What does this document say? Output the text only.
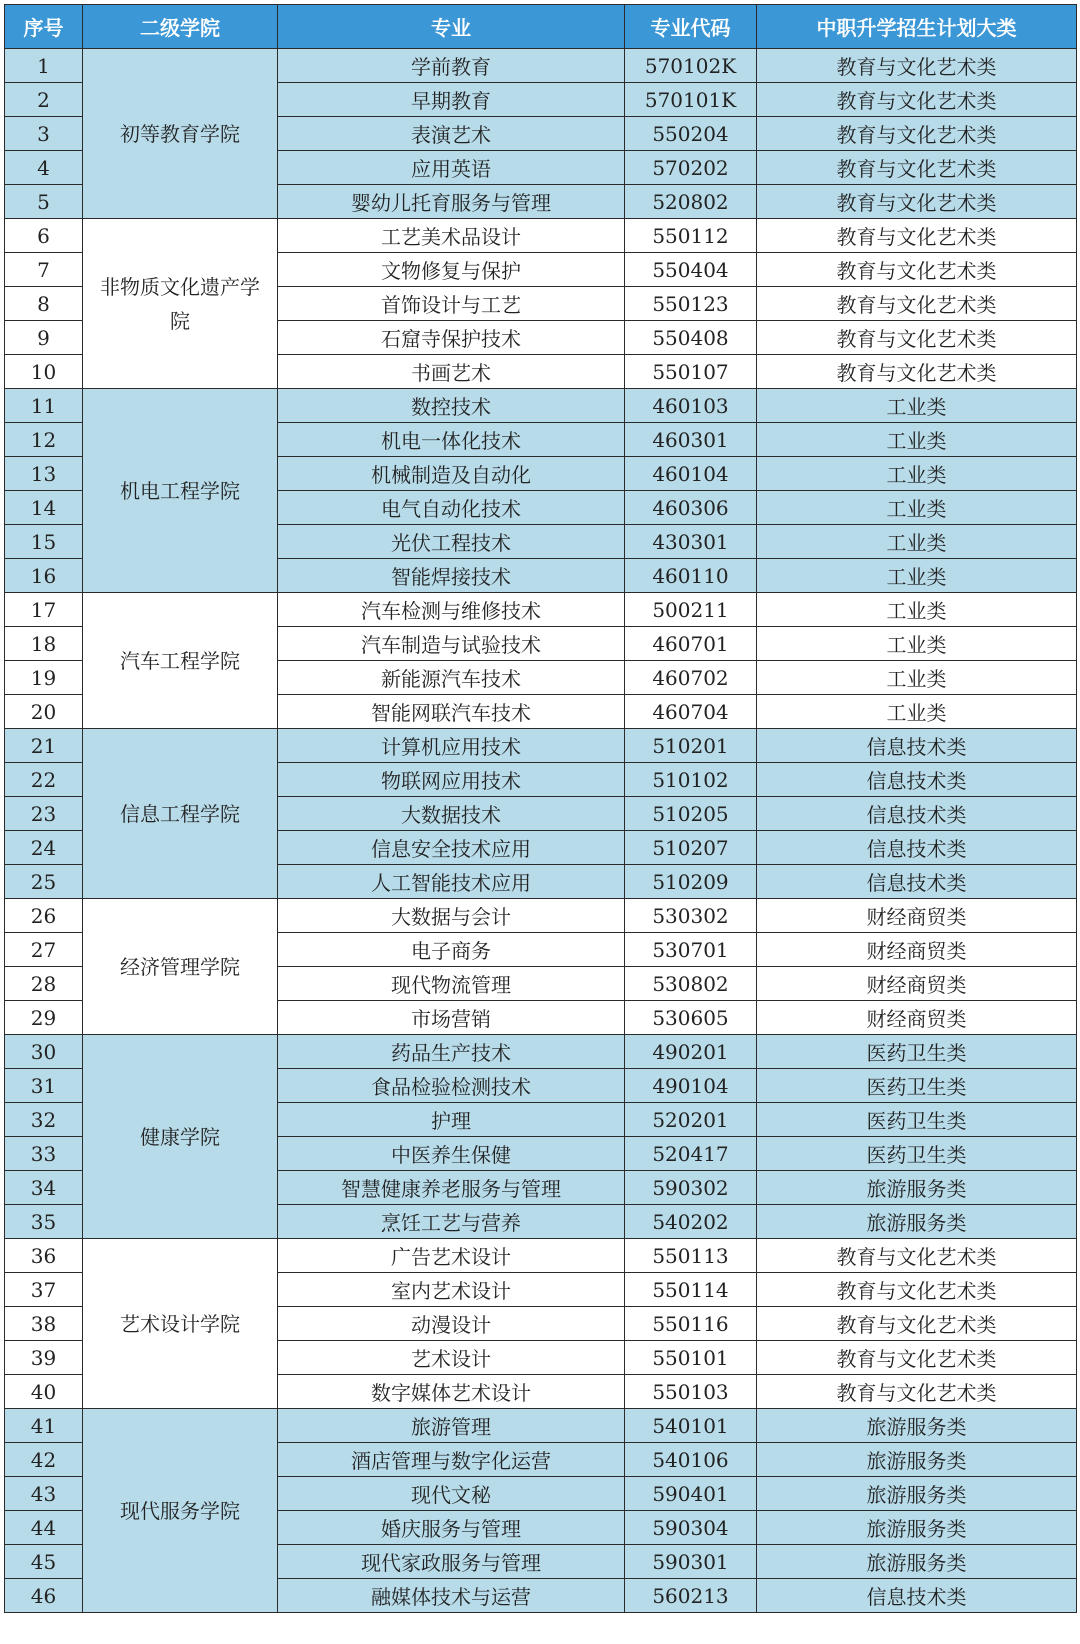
序号	二级学院	专业	专业代码	中职升学招生计划大类
1	初等教育学院	学前教育	570102K	教育与文化艺术类
2		早期教育	570101K	教育与文化艺术类
3		表演艺术	550204	教育与文化艺术类
4		应用英语	570202	教育与文化艺术类
5		婴幼儿托育服务与管理	520802	教育与文化艺术类
6	非物质文化遗产学院	工艺美术品设计	550112	教育与文化艺术类
7		文物修复与保护	550404	教育与文化艺术类
8		首饰设计与工艺	550123	教育与文化艺术类
9		石窟寺保护技术	550408	教育与文化艺术类
10		书画艺术	550107	教育与文化艺术类
11	机电工程学院	数控技术	460103	工业类
12		机电一体化技术	460301	工业类
13		机械制造及自动化	460104	工业类
14		电气自动化技术	460306	工业类
15		光伏工程技术	430301	工业类
16		智能焊接技术	460110	工业类
17	汽车工程学院	汽车检测与维修技术	500211	工业类
18		汽车制造与试验技术	460701	工业类
19		新能源汽车技术	460702	工业类
20		智能网联汽车技术	460704	工业类
21	信息工程学院	计算机应用技术	510201	信息技术类
22		物联网应用技术	510102	信息技术类
23		大数据技术	510205	信息技术类
24		信息安全技术应用	510207	信息技术类
25		人工智能技术应用	510209	信息技术类
26	经济管理学院	大数据与会计	530302	财经商贸类
27		电子商务	530701	财经商贸类
28		现代物流管理	530802	财经商贸类
29		市场营销	530605	财经商贸类
30	健康学院	药品生产技术	490201	医药卫生类
31		食品检验检测技术	490104	医药卫生类
32		护理	520201	医药卫生类
33		中医养生保健	520417	医药卫生类
34		智慧健康养老服务与管理	590302	旅游服务类
35		烹饪工艺与营养	540202	旅游服务类
36	艺术设计学院	广告艺术设计	550113	教育与文化艺术类
37		室内艺术设计	550114	教育与文化艺术类
38		动漫设计	550116	教育与文化艺术类
39		艺术设计	550101	教育与文化艺术类
40		数字媒体艺术设计	550103	教育与文化艺术类
41	现代服务学院	旅游管理	540101	旅游服务类
42		酒店管理与数字化运营	540106	旅游服务类
43		现代文秘	590401	旅游服务类
44		婚庆服务与管理	590304	旅游服务类
45		现代家政服务与管理	590301	旅游服务类
46		融媒体技术与运营	560213	信息技术类
